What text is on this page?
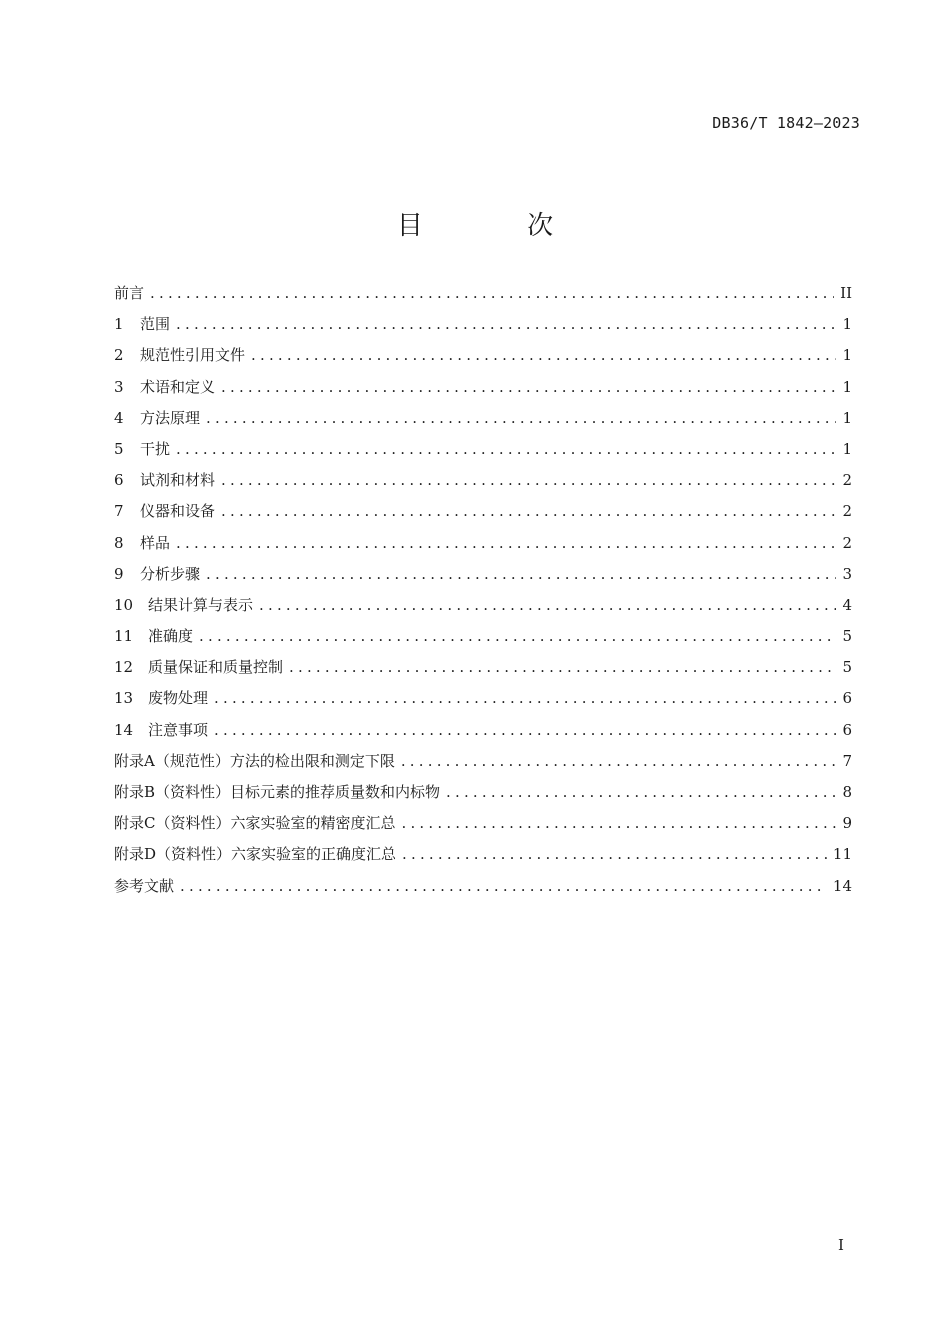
DB36/T 1842—2023
目 次
前言 .....	II
1	范围 .....	1
2	规范性引用文件 .....	1
3	术语和定义 .....	1
4	方法原理 .....	1
5	干扰 .....	1
6	试剂和材料 .....	2
7	仪器和设备 .....	2
8	样品 .....	2
9	分析步骤 .....	3
10 结果计算与表示 .....	4
11 准确度 .....	5
12 质量保证和质量控制 .....	5
13 废物处理 .....	6
14 注意事项 .....	6
附录A（规范性）方法的检出限和测定下限 .....	7
附录B（资料性）目标元素的推荐质量数和内标物 .....	8
附录C（资料性）六家实验室的精密度汇总 .....	9
附录D（资料性）六家实验室的正确度汇总 .....	11
参考文献 .....	14
I
